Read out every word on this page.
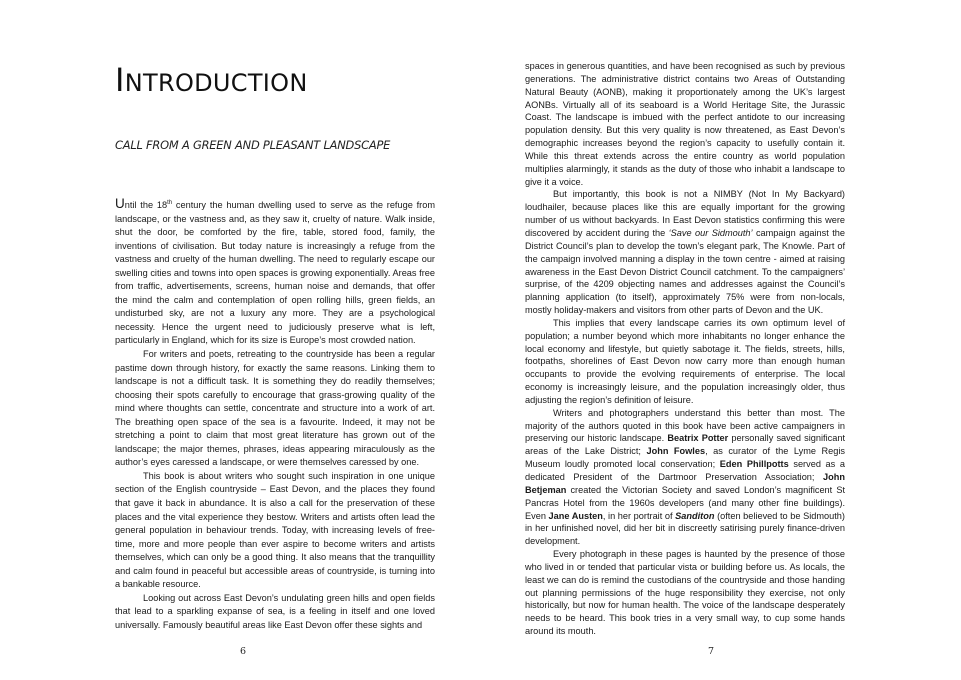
INTRODUCTION
CALL FROM A GREEN AND PLEASANT LANDSCAPE

Until the 18th century the human dwelling used to serve as the refuge from landscape, or the vastness and, as they saw it, cruelty of nature. Walk inside, shut the door, be comforted by the fire, table, stored food, family, the inventions of civilisation. But today nature is increasingly a refuge from the vastness and cruelty of the human dwelling. The need to regularly escape our swelling cities and towns into open spaces is growing exponentially. Areas free from traffic, advertisements, screens, human noise and demands, that offer the mind the calm and contemplation of open rolling hills, green fields, an undisturbed sky, are not a luxury any more. They are a psychological necessity. Hence the urgent need to judiciously preserve what is left, particularly in England, which for its size is Europe’s most crowded nation.

For writers and poets, retreating to the countryside has been a regular pastime down through history, for exactly the same reasons. Linking them to landscape is not a difficult task. It is something they do readily themselves; choosing their spots carefully to encourage that grass-growing quality of the mind where thoughts can settle, concentrate and structure into a work of art. The breathing open space of the sea is a favourite. Indeed, it may not be stretching a point to claim that most great literature has grown out of the landscape; the major themes, phrases, ideas appearing miraculously as the author’s eyes caressed a landscape, or were themselves caressed by one.

This book is about writers who sought such inspiration in one unique section of the English countryside – East Devon, and the places they found that gave it back in abundance. It is also a call for the preservation of these places and the vital experience they bestow. Writers and artists often lead the general population in behaviour trends. Today, with increasing levels of free-time, more and more people than ever aspire to become writers and artists themselves, which can only be a good thing. It also means that the tranquillity and calm found in peaceful but accessible areas of countryside, is turning into a bankable resource.

Looking out across East Devon’s undulating green hills and open fields that lead to a sparkling expanse of sea, is a feeling in itself and one loved universally. Famously beautiful areas like East Devon offer these sights and

6

spaces in generous quantities, and have been recognised as such by previous generations. The administrative district contains two Areas of Outstanding Natural Beauty (AONB), making it proportionately among the UK’s largest AONBs. Virtually all of its seaboard is a World Heritage Site, the Jurassic Coast. The landscape is imbued with the perfect antidote to our increasing population density. But this very quality is now threatened, as East Devon’s demographic increases beyond the region’s capacity to usefully contain it. While this threat extends across the entire country as world population multiplies alarmingly, it stands as the duty of those who inhabit a landscape to give it a voice.

But importantly, this book is not a NIMBY (Not In My Backyard) loudhailer, because places like this are equally important for the growing number of us without backyards. In East Devon statistics confirming this were discovered by accident during the ‘Save our Sidmouth’ campaign against the District Council’s plan to develop the town’s elegant park, The Knowle. Part of the campaign involved manning a display in the town centre - aimed at raising awareness in the East Devon District Council catchment. To the campaigners’ surprise, of the 4209 objecting names and addresses against the Council’s planning application (to itself), approximately 75% were from non-locals, mostly holiday-makers and visitors from other parts of Devon and the UK.

This implies that every landscape carries its own optimum level of population; a number beyond which more inhabitants no longer enhance the local economy and lifestyle, but quietly sabotage it. The fields, streets, hills, footpaths, shorelines of East Devon now carry more than enough human occupants to provide the evolving requirements of enterprise. The local economy is increasingly leisure, and the population increasingly older, thus adjusting the region’s definition of leisure.

Writers and photographers understand this better than most. The majority of the authors quoted in this book have been active campaigners in preserving our historic landscape. Beatrix Potter personally saved significant areas of the Lake District; John Fowles, as curator of the Lyme Regis Museum loudly promoted local conservation; Eden Phillpotts served as a dedicated President of the Dartmoor Preservation Association; John Betjeman created the Victorian Society and saved London’s magnificent St Pancras Hotel from the 1960s developers (and many other fine buildings). Even Jane Austen, in her portrait of Sanditon (often believed to be Sidmouth) in her unfinished novel, did her bit in discreetly satirising purely finance-driven development.

Every photograph in these pages is haunted by the presence of those who lived in or tended that particular vista or building before us. As locals, the least we can do is remind the custodians of the countryside and those handing out planning permissions of the huge responsibility they exercise, not only historically, but now for human health. The voice of the landscape desperately needs to be heard. This book tries in a very small way, to cup some hands around its mouth.

7
